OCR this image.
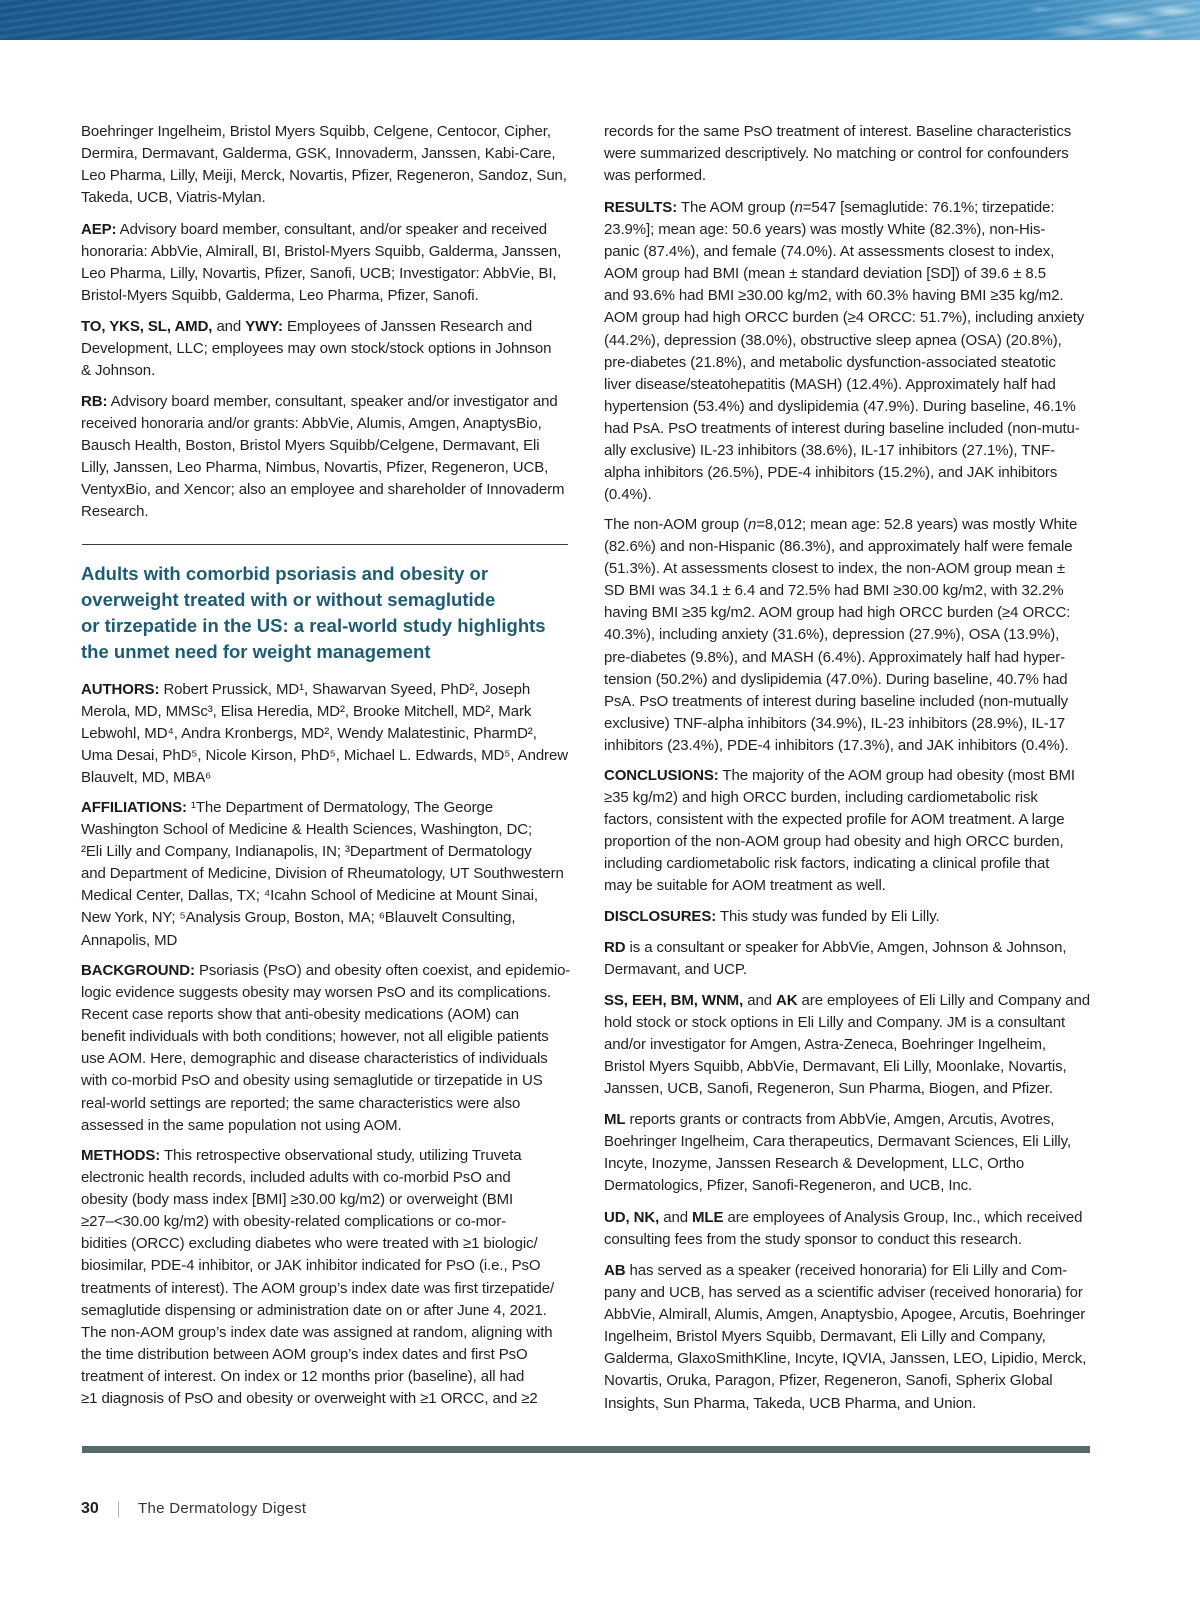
Boehringer Ingelheim, Bristol Myers Squibb, Celgene, Centocor, Cipher,
Dermira, Dermavant, Galderma, GSK, Innovaderm, Janssen, Kabi-Care,
Leo Pharma, Lilly, Meiji, Merck, Novartis, Pfizer, Regeneron, Sandoz, Sun,
Takeda, UCB, Viatris-Mylan.
AEP: Advisory board member, consultant, and/or speaker and received
honoraria: AbbVie, Almirall, BI, Bristol-Myers Squibb, Galderma, Janssen,
Leo Pharma, Lilly, Novartis, Pfizer, Sanofi, UCB; Investigator: AbbVie, BI,
Bristol-Myers Squibb, Galderma, Leo Pharma, Pfizer, Sanofi.
TO, YKS, SL, AMD, and YWY: Employees of Janssen Research and
Development, LLC; employees may own stock/stock options in Johnson
& Johnson.
RB: Advisory board member, consultant, speaker and/or investigator and
received honoraria and/or grants: AbbVie, Alumis, Amgen, AnaptysBio,
Bausch Health, Boston, Bristol Myers Squibb/Celgene, Dermavant, Eli
Lilly, Janssen, Leo Pharma, Nimbus, Novartis, Pfizer, Regeneron, UCB,
VentyxBio, and Xencor; also an employee and shareholder of Innovaderm
Research.
Adults with comorbid psoriasis and obesity or
overweight treated with or without semaglutide
or tirzepatide in the US: a real-world study highlights
the unmet need for weight management
AUTHORS: Robert Prussick, MD¹, Shawarvan Syeed, PhD², Joseph
Merola, MD, MMSc³, Elisa Heredia, MD², Brooke Mitchell, MD², Mark
Lebwohl, MD⁴, Andra Kronbergs, MD², Wendy Malatestinic, PharmD²,
Uma Desai, PhD⁵, Nicole Kirson, PhD⁵, Michael L. Edwards, MD⁵, Andrew
Blauvelt, MD, MBA⁶
AFFILIATIONS: ¹The Department of Dermatology, The George
Washington School of Medicine & Health Sciences, Washington, DC;
²Eli Lilly and Company, Indianapolis, IN; ³Department of Dermatology
and Department of Medicine, Division of Rheumatology, UT Southwestern
Medical Center, Dallas, TX; ⁴Icahn School of Medicine at Mount Sinai,
New York, NY; ⁵Analysis Group, Boston, MA; ⁶Blauvelt Consulting,
Annapolis, MD
BACKGROUND: Psoriasis (PsO) and obesity often coexist, and epidemio-
logic evidence suggests obesity may worsen PsO and its complications.
Recent case reports show that anti-obesity medications (AOM) can
benefit individuals with both conditions; however, not all eligible patients
use AOM. Here, demographic and disease characteristics of individuals
with co-morbid PsO and obesity using semaglutide or tirzepatide in US
real-world settings are reported; the same characteristics were also
assessed in the same population not using AOM.
METHODS: This retrospective observational study, utilizing Truveta
electronic health records, included adults with co-morbid PsO and
obesity (body mass index [BMI] ≥30.00 kg/m2) or overweight (BMI
≥27–<30.00 kg/m2) with obesity-related complications or co-mor-
bidities (ORCC) excluding diabetes who were treated with ≥1 biologic/
biosimilar, PDE-4 inhibitor, or JAK inhibitor indicated for PsO (i.e., PsO
treatments of interest). The AOM group’s index date was first tirzepatide/
semaglutide dispensing or administration date on or after June 4, 2021.
The non-AOM group’s index date was assigned at random, aligning with
the time distribution between AOM group’s index dates and first PsO
treatment of interest. On index or 12 months prior (baseline), all had
≥1 diagnosis of PsO and obesity or overweight with ≥1 ORCC, and ≥2
records for the same PsO treatment of interest. Baseline characteristics
were summarized descriptively. No matching or control for confounders
was performed.
RESULTS: The AOM group (n=547 [semaglutide: 76.1%; tirzepatide:
23.9%]; mean age: 50.6 years) was mostly White (82.3%), non-His-
panic (87.4%), and female (74.0%). At assessments closest to index,
AOM group had BMI (mean ± standard deviation [SD]) of 39.6 ± 8.5
and 93.6% had BMI ≥30.00 kg/m2, with 60.3% having BMI ≥35 kg/m2.
AOM group had high ORCC burden (≥4 ORCC: 51.7%), including anxiety
(44.2%), depression (38.0%), obstructive sleep apnea (OSA) (20.8%),
pre-diabetes (21.8%), and metabolic dysfunction-associated steatotic
liver disease/steatohepatitis (MASH) (12.4%). Approximately half had
hypertension (53.4%) and dyslipidemia (47.9%). During baseline, 46.1%
had PsA. PsO treatments of interest during baseline included (non-mutu-
ally exclusive) IL-23 inhibitors (38.6%), IL-17 inhibitors (27.1%), TNF-
alpha inhibitors (26.5%), PDE-4 inhibitors (15.2%), and JAK inhibitors
(0.4%).
The non-AOM group (n=8,012; mean age: 52.8 years) was mostly White
(82.6%) and non-Hispanic (86.3%), and approximately half were female
(51.3%). At assessments closest to index, the non-AOM group mean ±
SD BMI was 34.1 ± 6.4 and 72.5% had BMI ≥30.00 kg/m2, with 32.2%
having BMI ≥35 kg/m2. AOM group had high ORCC burden (≥4 ORCC:
40.3%), including anxiety (31.6%), depression (27.9%), OSA (13.9%),
pre-diabetes (9.8%), and MASH (6.4%). Approximately half had hyper-
tension (50.2%) and dyslipidemia (47.0%). During baseline, 40.7% had
PsA. PsO treatments of interest during baseline included (non-mutually
exclusive) TNF-alpha inhibitors (34.9%), IL-23 inhibitors (28.9%), IL-17
inhibitors (23.4%), PDE-4 inhibitors (17.3%), and JAK inhibitors (0.4%).
CONCLUSIONS: The majority of the AOM group had obesity (most BMI
≥35 kg/m2) and high ORCC burden, including cardiometabolic risk
factors, consistent with the expected profile for AOM treatment. A large
proportion of the non-AOM group had obesity and high ORCC burden,
including cardiometabolic risk factors, indicating a clinical profile that
may be suitable for AOM treatment as well.
DISCLOSURES: This study was funded by Eli Lilly.
RD is a consultant or speaker for AbbVie, Amgen, Johnson & Johnson,
Dermavant, and UCP.
SS, EEH, BM, WNM, and AK are employees of Eli Lilly and Company and
hold stock or stock options in Eli Lilly and Company. JM is a consultant
and/or investigator for Amgen, Astra-Zeneca, Boehringer Ingelheim,
Bristol Myers Squibb, AbbVie, Dermavant, Eli Lilly, Moonlake, Novartis,
Janssen, UCB, Sanofi, Regeneron, Sun Pharma, Biogen, and Pfizer.
ML reports grants or contracts from AbbVie, Amgen, Arcutis, Avotres,
Boehringer Ingelheim, Cara therapeutics, Dermavant Sciences, Eli Lilly,
Incyte, Inozyme, Janssen Research & Development, LLC, Ortho
Dermatologics, Pfizer, Sanofi-Regeneron, and UCB, Inc.
UD, NK, and MLE are employees of Analysis Group, Inc., which received
consulting fees from the study sponsor to conduct this research.
AB has served as a speaker (received honoraria) for Eli Lilly and Com-
pany and UCB, has served as a scientific adviser (received honoraria) for
AbbVie, Almirall, Alumis, Amgen, Anaptysbio, Apogee, Arcutis, Boehringer
Ingelheim, Bristol Myers Squibb, Dermavant, Eli Lilly and Company,
Galderma, GlaxoSmithKline, Incyte, IQVIA, Janssen, LEO, Lipidio, Merck,
Novartis, Oruka, Paragon, Pfizer, Regeneron, Sanofi, Spherix Global
Insights, Sun Pharma, Takeda, UCB Pharma, and Union.
30	The Dermatology Digest
